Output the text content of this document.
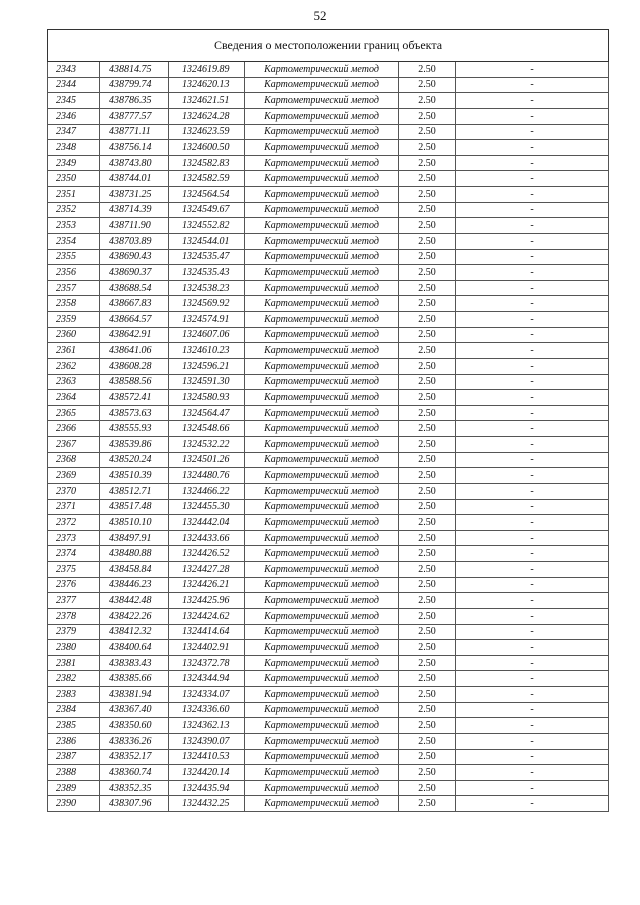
52
Сведения о местоположении границ объекта					
2343	438814.75	1324619.89	Картометрический метод	2.50	-
2344	438799.74	1324620.13	Картометрический метод	2.50	-
2345	438786.35	1324621.51	Картометрический метод	2.50	-
2346	438777.57	1324624.28	Картометрический метод	2.50	-
2347	438771.11	1324623.59	Картометрический метод	2.50	-
2348	438756.14	1324600.50	Картометрический метод	2.50	-
2349	438743.80	1324582.83	Картометрический метод	2.50	-
2350	438744.01	1324582.59	Картометрический метод	2.50	-
2351	438731.25	1324564.54	Картометрический метод	2.50	-
2352	438714.39	1324549.67	Картометрический метод	2.50	-
2353	438711.90	1324552.82	Картометрический метод	2.50	-
2354	438703.89	1324544.01	Картометрический метод	2.50	-
2355	438690.43	1324535.47	Картометрический метод	2.50	-
2356	438690.37	1324535.43	Картометрический метод	2.50	-
2357	438688.54	1324538.23	Картометрический метод	2.50	-
2358	438667.83	1324569.92	Картометрический метод	2.50	-
2359	438664.57	1324574.91	Картометрический метод	2.50	-
2360	438642.91	1324607.06	Картометрический метод	2.50	-
2361	438641.06	1324610.23	Картометрический метод	2.50	-
2362	438608.28	1324596.21	Картометрический метод	2.50	-
2363	438588.56	1324591.30	Картометрический метод	2.50	-
2364	438572.41	1324580.93	Картометрический метод	2.50	-
2365	438573.63	1324564.47	Картометрический метод	2.50	-
2366	438555.93	1324548.66	Картометрический метод	2.50	-
2367	438539.86	1324532.22	Картометрический метод	2.50	-
2368	438520.24	1324501.26	Картометрический метод	2.50	-
2369	438510.39	1324480.76	Картометрический метод	2.50	-
2370	438512.71	1324466.22	Картометрический метод	2.50	-
2371	438517.48	1324455.30	Картометрический метод	2.50	-
2372	438510.10	1324442.04	Картометрический метод	2.50	-
2373	438497.91	1324433.66	Картометрический метод	2.50	-
2374	438480.88	1324426.52	Картометрический метод	2.50	-
2375	438458.84	1324427.28	Картометрический метод	2.50	-
2376	438446.23	1324426.21	Картометрический метод	2.50	-
2377	438442.48	1324425.96	Картометрический метод	2.50	-
2378	438422.26	1324424.62	Картометрический метод	2.50	-
2379	438412.32	1324414.64	Картометрический метод	2.50	-
2380	438400.64	1324402.91	Картометрический метод	2.50	-
2381	438383.43	1324372.78	Картометрический метод	2.50	-
2382	438385.66	1324344.94	Картометрический метод	2.50	-
2383	438381.94	1324334.07	Картометрический метод	2.50	-
2384	438367.40	1324336.60	Картометрический метод	2.50	-
2385	438350.60	1324362.13	Картометрический метод	2.50	-
2386	438336.26	1324390.07	Картометрический метод	2.50	-
2387	438352.17	1324410.53	Картометрический метод	2.50	-
2388	438360.74	1324420.14	Картометрический метод	2.50	-
2389	438352.35	1324435.94	Картометрический метод	2.50	-
2390	438307.96	1324432.25	Картометрический метод	2.50	-
